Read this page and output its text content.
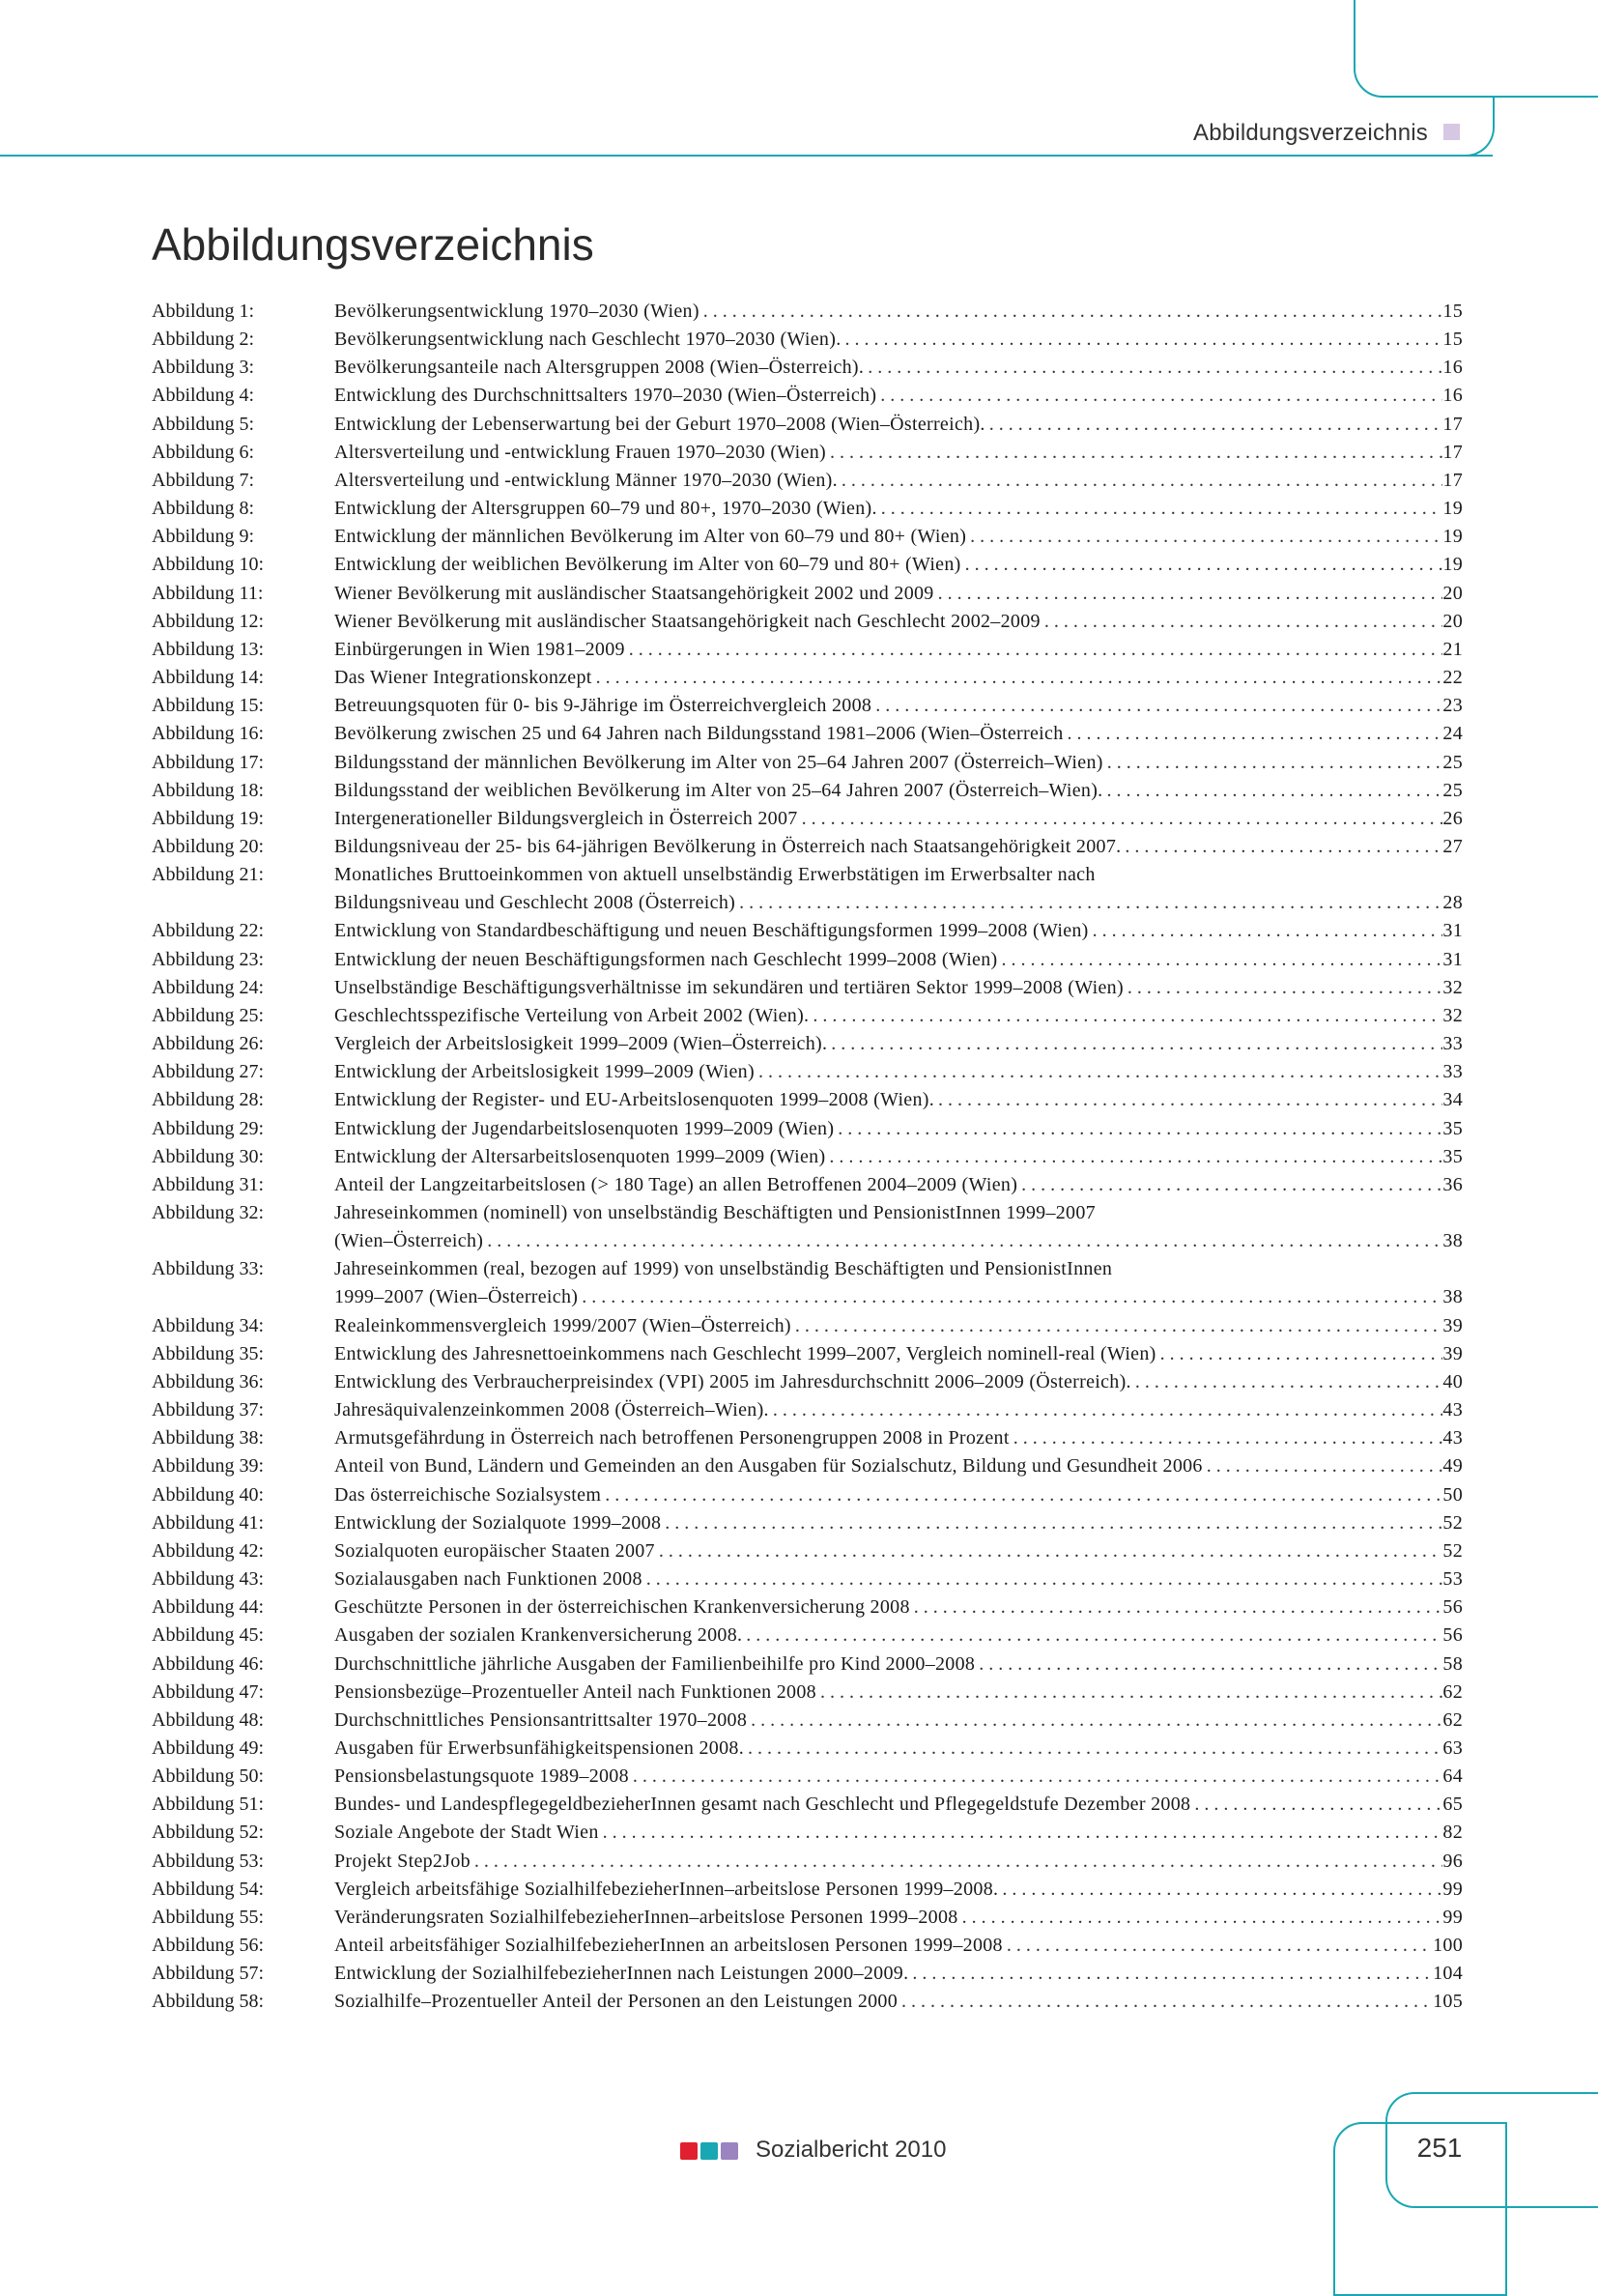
Abbildungsverzeichnis
Abbildungsverzeichnis
Abbildung 1:	Bevölkerungsentwicklung 1970–2030 (Wien) . . .	15
Abbildung 2:	Bevölkerungsentwicklung nach Geschlecht 1970–2030 (Wien). . . .	15
Abbildung 3:	Bevölkerungsanteile nach Altersgruppen 2008 (Wien–Österreich). . . .	16
Abbildung 4:	Entwicklung des Durchschnittsalters 1970–2030 (Wien–Österreich) . . .	16
Abbildung 5:	Entwicklung der Lebenserwartung bei der Geburt 1970–2008 (Wien–Österreich). . . .	17
Abbildung 6:	Altersverteilung und -entwicklung Frauen 1970–2030 (Wien) . . .	17
Abbildung 7:	Altersverteilung und -entwicklung Männer 1970–2030 (Wien). . . .	17
Abbildung 8:	Entwicklung der Altersgruppen 60–79 und 80+, 1970–2030 (Wien). . . .	19
Abbildung 9:	Entwicklung der männlichen Bevölkerung im Alter von 60–79 und 80+ (Wien) . . .	19
Abbildung 10:	Entwicklung der weiblichen Bevölkerung im Alter von 60–79 und 80+ (Wien) . . .	19
Abbildung 11:	Wiener Bevölkerung mit ausländischer Staatsangehörigkeit 2002 und 2009 . . .	20
Abbildung 12:	Wiener Bevölkerung mit ausländischer Staatsangehörigkeit nach Geschlecht 2002–2009 . . .	20
Abbildung 13:	Einbürgerungen in Wien 1981–2009 . . .	21
Abbildung 14:	Das Wiener Integrationskonzept . . .	22
Abbildung 15:	Betreuungsquoten für 0- bis 9-Jährige im Österreichvergleich 2008 . . .	23
Abbildung 16:	Bevölkerung zwischen 25 und 64 Jahren nach Bildungsstand 1981–2006 (Wien–Österreich . . .	24
Abbildung 17:	Bildungsstand der männlichen Bevölkerung im Alter von 25–64 Jahren 2007 (Österreich–Wien) . . .	25
Abbildung 18:	Bildungsstand der weiblichen Bevölkerung im Alter von 25–64 Jahren 2007 (Österreich–Wien). . . .	25
Abbildung 19:	Intergenerationeller Bildungsvergleich in Österreich 2007 . . .	26
Abbildung 20:	Bildungsniveau der 25- bis 64-jährigen Bevölkerung in Österreich nach Staatsangehörigkeit 2007. . . .	27
Abbildung 21:	Monatliches Bruttoeinkommen von aktuell unselbständig Erwerbstätigen im Erwerbsalter nach
Bildungsniveau und Geschlecht 2008 (Österreich) . . .	28
Abbildung 22:	Entwicklung von Standardbeschäftigung und neuen Beschäftigungsformen 1999–2008 (Wien) . . .	31
Abbildung 23:	Entwicklung der neuen Beschäftigungsformen nach Geschlecht 1999–2008 (Wien) . . .	31
Abbildung 24:	Unselbständige Beschäftigungsverhältnisse im sekundären und tertiären Sektor 1999–2008 (Wien) . . .	32
Abbildung 25:	Geschlechtsspezifische Verteilung von Arbeit 2002 (Wien). . . .	32
Abbildung 26:	Vergleich der Arbeitslosigkeit 1999–2009 (Wien–Österreich). . . .	33
Abbildung 27:	Entwicklung der Arbeitslosigkeit 1999–2009 (Wien) . . .	33
Abbildung 28:	Entwicklung der Register- und EU-Arbeitslosenquoten 1999–2008 (Wien). . . .	34
Abbildung 29:	Entwicklung der Jugendarbeitslosenquoten 1999–2009 (Wien) . . .	35
Abbildung 30:	Entwicklung der Altersarbeitslosenquoten 1999–2009 (Wien) . . .	35
Abbildung 31:	Anteil der Langzeitarbeitslosen (> 180 Tage) an allen Betroffenen 2004–2009 (Wien) . . .	36
Abbildung 32:	Jahreseinkommen (nominell) von unselbständig Beschäftigten und PensionistInnen 1999–2007
(Wien–Österreich) . . .	38
Abbildung 33:	Jahreseinkommen (real, bezogen auf 1999) von unselbständig Beschäftigten und PensionistInnen
1999–2007 (Wien–Österreich) . . .	38
Abbildung 34:	Realeinkommensvergleich 1999/2007 (Wien–Österreich) . . .	39
Abbildung 35:	Entwicklung des Jahresnettoeinkommens nach Geschlecht 1999–2007, Vergleich nominell-real (Wien) . . .	39
Abbildung 36:	Entwicklung des Verbraucherpreisindex (VPI) 2005 im Jahresdurchschnitt 2006–2009 (Österreich). . . .	40
Abbildung 37:	Jahresäquivalenzeinkommen 2008 (Österreich–Wien). . . .	43
Abbildung 38:	Armutsgefährdung in Österreich nach betroffenen Personengruppen 2008 in Prozent . . .	43
Abbildung 39:	Anteil von Bund, Ländern und Gemeinden an den Ausgaben für Sozialschutz, Bildung und Gesundheit 2006 . . .	49
Abbildung 40:	Das österreichische Sozialsystem . . .	50
Abbildung 41:	Entwicklung der Sozialquote 1999–2008 . . .	52
Abbildung 42:	Sozialquoten europäischer Staaten 2007 . . .	52
Abbildung 43:	Sozialausgaben nach Funktionen 2008 . . .	53
Abbildung 44:	Geschützte Personen in der österreichischen Krankenversicherung 2008 . . .	56
Abbildung 45:	Ausgaben der sozialen Krankenversicherung 2008. . . .	56
Abbildung 46:	Durchschnittliche jährliche Ausgaben der Familienbeihilfe pro Kind 2000–2008 . . .	58
Abbildung 47:	Pensionsbezüge–Prozentueller Anteil nach Funktionen 2008 . . .	62
Abbildung 48:	Durchschnittliches Pensionsantrittsalter 1970–2008 . . .	62
Abbildung 49:	Ausgaben für Erwerbsunfähigkeitspensionen 2008. . . .	63
Abbildung 50:	Pensionsbelastungsquote 1989–2008 . . .	64
Abbildung 51:	Bundes- und LandespflegegeldbezieherInnen gesamt nach Geschlecht und Pflegegeldstufe Dezember 2008 . . .	65
Abbildung 52:	Soziale Angebote der Stadt Wien . . .	82
Abbildung 53:	Projekt Step2Job . . .	96
Abbildung 54:	Vergleich arbeitsfähige SozialhilfebezieherInnen–arbeitslose Personen 1999–2008. . . .	99
Abbildung 55:	Veränderungsraten SozialhilfebezieherInnen–arbeitslose Personen 1999–2008 . . .	99
Abbildung 56:	Anteil arbeitsfähiger SozialhilfebezieherInnen an arbeitslosen Personen 1999–2008 . . .	100
Abbildung 57:	Entwicklung der SozialhilfebezieherInnen nach Leistungen 2000–2009. . . .	104
Abbildung 58:	Sozialhilfe–Prozentueller Anteil der Personen an den Leistungen 2000 . . .	105
Sozialbericht 2010	251
